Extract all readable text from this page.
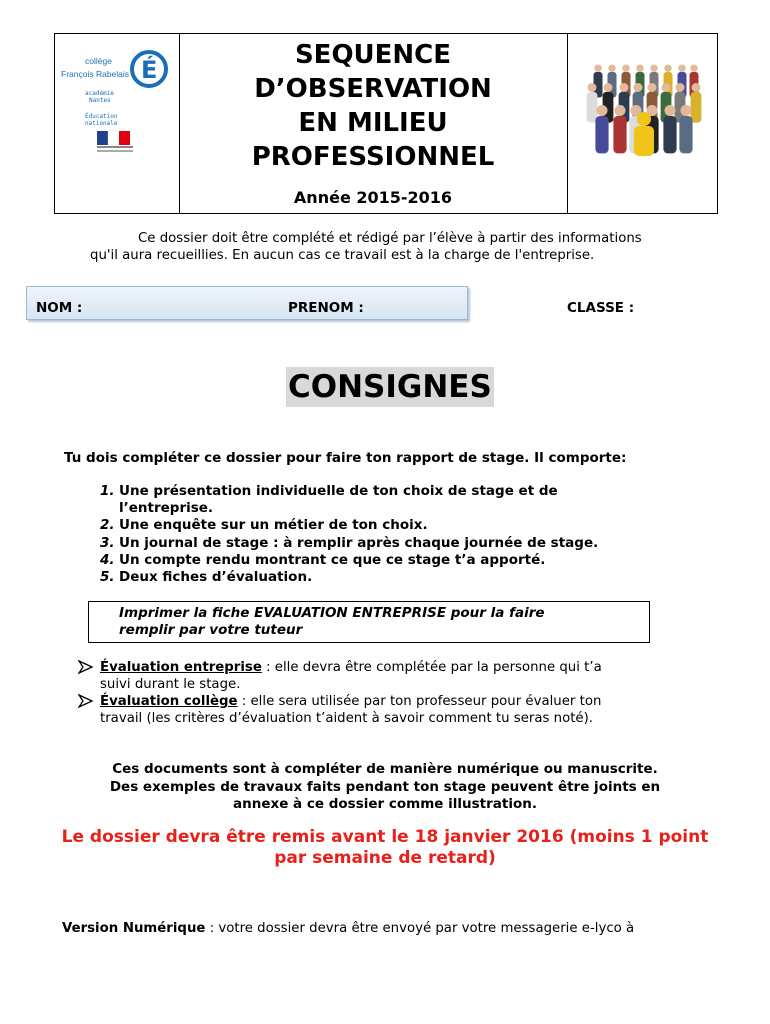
collège
François Rabelais É
académie
Nantes
Éducation
nationale
SEQUENCE
D’OBSERVATION
EN MILIEU
PROFESSIONNEL
Année 2015-2016
Ce dossier doit être complété et rédigé par l’élève à partir des informations
qu'il aura recueillies. En aucun cas ce travail est à la charge de l'entreprise.
NOM :	PRENOM :	CLASSE :
CONSIGNES
Tu dois compléter ce dossier pour faire ton rapport de stage. Il comporte:
1. Une présentation individuelle de ton choix de stage et de
l’entreprise.
2. Une enquête sur un métier de ton choix.
3. Un journal de stage : à remplir après chaque journée de stage.
4. Un compte rendu montrant ce que ce stage t’a apporté.
5. Deux fiches d’évaluation.
Imprimer la fiche EVALUATION ENTREPRISE pour la faire
remplir par votre tuteur
Évaluation entreprise : elle devra être complétée par la personne qui t’a
suivi durant le stage.
Évaluation collège : elle sera utilisée par ton professeur pour évaluer ton
travail (les critères d’évaluation t’aident à savoir comment tu seras noté).
Ces documents sont à compléter de manière numérique ou manuscrite.
Des exemples de travaux faits pendant ton stage peuvent être joints en
annexe à ce dossier comme illustration.
Le dossier devra être remis avant le 18 janvier 2016 (moins 1 point
par semaine de retard)
Version Numérique : votre dossier devra être envoyé par votre messagerie e-lyco à
